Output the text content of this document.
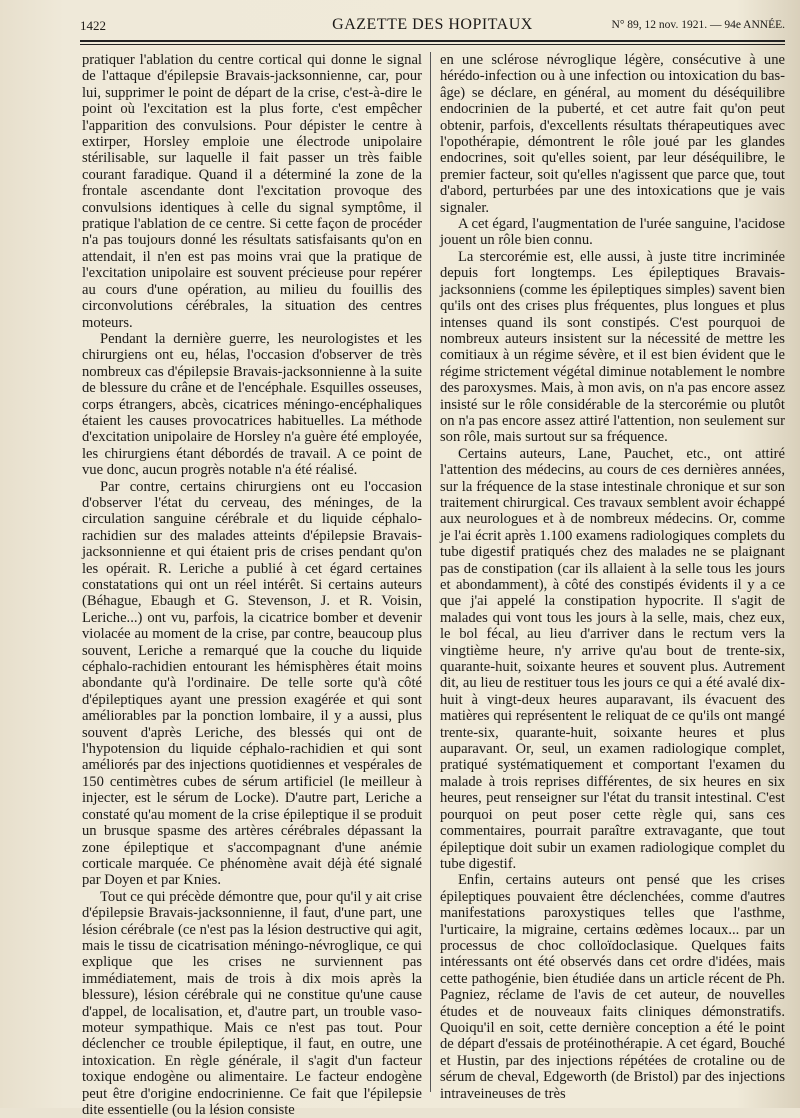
1422	GAZETTE DES HOPITAUX	N° 89, 12 nov. 1921. — 94e ANNÉE.

pratiquer l'ablation du centre cortical qui donne le signal de l'attaque d'épilepsie Bravais-jacksonnienne, car, pour lui, supprimer le point de départ de la crise, c'est-à-dire le point où l'excitation est la plus forte, c'est empêcher l'apparition des convulsions. Pour dépister le centre à extirper, Horsley emploie une électrode unipolaire stérilisable, sur laquelle il fait passer un très faible courant faradique. Quand il a déterminé la zone de la frontale ascendante dont l'excitation provoque des convulsions identiques à celle du signal symptôme, il pratique l'ablation de ce centre. Si cette façon de procéder n'a pas toujours donné les résultats satisfaisants qu'on en attendait, il n'en est pas moins vrai que la pratique de l'excitation unipolaire est souvent précieuse pour repérer au cours d'une opération, au milieu du fouillis des circonvolutions cérébrales, la situation des centres moteurs.

Pendant la dernière guerre, les neurologistes et les chirurgiens ont eu, hélas, l'occasion d'observer de très nombreux cas d'épilepsie Bravais-jacksonnienne à la suite de blessure du crâne et de l'encéphale. Esquilles osseuses, corps étrangers, abcès, cicatrices méningo-encéphaliques étaient les causes provocatrices habituelles. La méthode d'excitation unipolaire de Horsley n'a guère été employée, les chirurgiens étant débordés de travail. A ce point de vue donc, aucun progrès notable n'a été réalisé.

Par contre, certains chirurgiens ont eu l'occasion d'observer l'état du cerveau, des méninges, de la circulation sanguine cérébrale et du liquide céphalo-rachidien sur des malades atteints d'épilepsie Bravais-jacksonnienne et qui étaient pris de crises pendant qu'on les opérait. R. Leriche a publié à cet égard certaines constatations qui ont un réel intérêt. Si certains auteurs (Béhague, Ebaugh et G. Stevenson, J. et R. Voisin, Leriche...) ont vu, parfois, la cicatrice bomber et devenir violacée au moment de la crise, par contre, beaucoup plus souvent, Leriche a remarqué que la couche du liquide céphalo-rachidien entourant les hémisphères était moins abondante qu'à l'ordinaire. De telle sorte qu'à côté d'épileptiques ayant une pression exagérée et qui sont améliorables par la ponction lombaire, il y a aussi, plus souvent d'après Leriche, des blessés qui ont de l'hypotension du liquide céphalo-rachidien et qui sont améliorés par des injections quotidiennes et vespérales de 150 centimètres cubes de sérum artificiel (le meilleur à injecter, est le sérum de Locke). D'autre part, Leriche a constaté qu'au moment de la crise épileptique il se produit un brusque spasme des artères cérébrales dépassant la zone épileptique et s'accompagnant d'une anémie corticale marquée. Ce phénomène avait déjà été signalé par Doyen et par Knies.

Tout ce qui précède démontre que, pour qu'il y ait crise d'épilepsie Bravais-jacksonnienne, il faut, d'une part, une lésion cérébrale (ce n'est pas la lésion destructive qui agit, mais le tissu de cicatrisation méningo-névroglique, ce qui explique que les crises ne surviennent pas immédiatement, mais de trois à dix mois après la blessure), lésion cérébrale qui ne constitue qu'une cause d'appel, de localisation, et, d'autre part, un trouble vaso-moteur sympathique. Mais ce n'est pas tout. Pour déclencher ce trouble épileptique, il faut, en outre, une intoxication. En règle générale, il s'agit d'un facteur toxique endogène ou alimentaire. Le facteur endogène peut être d'origine endocrinienne. Ce fait que l'épilepsie dite essentielle (ou la lésion consiste

en une sclérose névroglique légère, consécutive à une hérédo-infection ou à une infection ou intoxication du bas-âge) se déclare, en général, au moment du déséquilibre endocrinien de la puberté, et cet autre fait qu'on peut obtenir, parfois, d'excellents résultats thérapeutiques avec l'opothérapie, démontrent le rôle joué par les glandes endocrines, soit qu'elles soient, par leur déséquilibre, le premier facteur, soit qu'elles n'agissent que parce que, tout d'abord, perturbées par une des intoxications que je vais signaler.

A cet égard, l'augmentation de l'urée sanguine, l'acidose jouent un rôle bien connu.

La stercorémie est, elle aussi, à juste titre incriminée depuis fort longtemps. Les épileptiques Bravais-jacksonniens (comme les épileptiques simples) savent bien qu'ils ont des crises plus fréquentes, plus longues et plus intenses quand ils sont constipés. C'est pourquoi de nombreux auteurs insistent sur la nécessité de mettre les comitiaux à un régime sévère, et il est bien évident que le régime strictement végétal diminue notablement le nombre des paroxysmes. Mais, à mon avis, on n'a pas encore assez insisté sur le rôle considérable de la stercorémie ou plutôt on n'a pas encore assez attiré l'attention, non seulement sur son rôle, mais surtout sur sa fréquence.

Certains auteurs, Lane, Pauchet, etc., ont attiré l'attention des médecins, au cours de ces dernières années, sur la fréquence de la stase intestinale chronique et sur son traitement chirurgical. Ces travaux semblent avoir échappé aux neurologues et à de nombreux médecins. Or, comme je l'ai écrit après 1.100 examens radiologiques complets du tube digestif pratiqués chez des malades ne se plaignant pas de constipation (car ils allaient à la selle tous les jours et abondamment), à côté des constipés évidents il y a ce que j'ai appelé la constipation hypocrite. Il s'agit de malades qui vont tous les jours à la selle, mais, chez eux, le bol fécal, au lieu d'arriver dans le rectum vers la vingtième heure, n'y arrive qu'au bout de trente-six, quarante-huit, soixante heures et souvent plus. Autrement dit, au lieu de restituer tous les jours ce qui a été avalé dix-huit à vingt-deux heures auparavant, ils évacuent des matières qui représentent le reliquat de ce qu'ils ont mangé trente-six, quarante-huit, soixante heures et plus auparavant. Or, seul, un examen radiologique complet, pratiqué systématiquement et comportant l'examen du malade à trois reprises différentes, de six heures en six heures, peut renseigner sur l'état du transit intestinal. C'est pourquoi on peut poser cette règle qui, sans ces commentaires, pourrait paraître extravagante, que tout épileptique doit subir un examen radiologique complet du tube digestif.

Enfin, certains auteurs ont pensé que les crises épileptiques pouvaient être déclenchées, comme d'autres manifestations paroxystiques telles que l'asthme, l'urticaire, la migraine, certains œdèmes locaux... par un processus de choc colloïdoclasique. Quelques faits intéressants ont été observés dans cet ordre d'idées, mais cette pathogénie, bien étudiée dans un article récent de Ph. Pagniez, réclame de l'avis de cet auteur, de nouvelles études et de nouveaux faits cliniques démonstratifs. Quoiqu'il en soit, cette dernière conception a été le point de départ d'essais de protéinothérapie. A cet égard, Bouché et Hustin, par des injections répétées de crotaline ou de sérum de cheval, Edgeworth (de Bristol) par des injections intraveineuses de très
